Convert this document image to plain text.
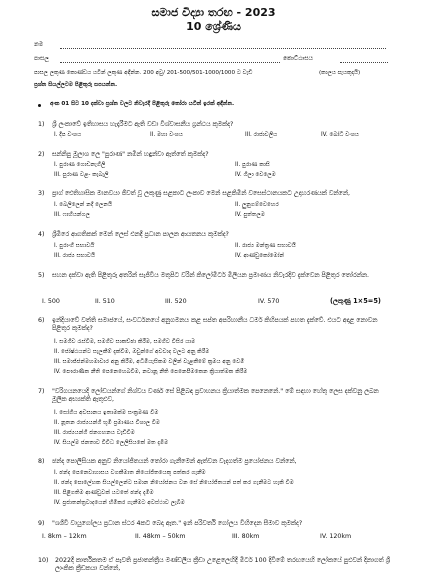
සමාජ විද්‍යා තරඟ - 2023
10 ශ්‍රේණිය
නම
පාසල	කොට්ඨාසය
පාසල ලකුණ කොණ්ඩය යටින් ලකුණ අඳින්න. 200 අවු/ 201-500/501-1000/1000 ට වැඩි	(කාලය පැයකුදායි)
ප්‍රශ්න සියල්ලටම පිළිතුරු සපයන්න.
අංක 01 සිට 10 දක්වා ප්‍රශ්න වලට නිවැරදි පිළිතුරු තෝරා යටින් ඉරක් අඳින්න.
1) ශ්‍රී ලංකාවේ ඉතිහාසය හැදෑරීමට ඇති වඩා විශ්වාසනීය ග්‍රන්ථය කුමක්ද?
I. දීප වංශය	II. මහා වංශය	III. රාජාවලිය	IV. බෝධි වංශය
2) සන්නිපු මූලාශ ලෙ "පුරාණ" නමින් හඳුන්වා ඇත්තේ කුමක්ද?
I. පුරාණ ගොඩනැගිලි	II. පුරාණ කාසි
III. පුරාණ වළ- කැබැලි	IV. ගිලා වෙලෙම
3) ප්‍රාග් ඓතිහාසික මානවයා ජීවත් වූ ලකුණු සළකාට ලංකාව මෙන් සළකිමින් වසෙස්ථානයකට උදාහරණයක් වන්නේ,
I. බෙලිලෙන් නදි ලෙනයි	II. ලුනුගම්වෙහෙර
III. ෆාහියන්ගල	IV. පුත්තලම
4) ශ්‍රීමිරෙ ආගතිකක් මෙන් ලෙස් එනදී ප්‍රධාන පාලන ආයතනය කුමක්ද?
I. පුරාංගී සභාවයි	II. රාජ්‍ය මන්ත්‍රණ සභාවයි
III. රාජ්‍ය සභාවයි	IV. ආණ්ඩුකෝමෝන්
5) සහන දක්වා ඇති පිළිතුරු අතරින් සැජිවිය මතුපිට වරින් කිලෝමීටර් මිලියන ප්‍රමාණය නිවැරදිව දැක්වෙන පිළිතුර තෝරන්න.
I. 500	II. 510	III. 520	IV. 570	(ලකුණු 1×5=5)
6) ඉන්දියාවේ වත්ති සමාජයේ, සංවර්ධනයේ අනුගමනය කළ සප්ත අපරිහානීය ධර්ම කිහිපයක් පහත දැක්වේ. එයට අදාළ නොවන පිළිතුර කුමක්ද?
I. සමගිව රැස්වීම, සමගිව සාකච්ඡා කිරීම, සමගිව විසිර යාම
II. ජෝෂ්ඨයන්ට සැලකීම් දැක්වීම, ඔවුන්ගේ අවවාද වලට අනු කිරීම
III. සමාජ්ජන්මහමාවාර අනු කිරීම, අධිමියැසිකම වලින් වැළකීමේ ක්‍රමය අනු වෙමි
IV. පෞරාණික නීති පෙනෙහෙබවීම, නවානූ නීති පෙනෙපීමකෙන ක්‍රියාත්මක කිරීම
7) "වරිගයනයෙදි ලෝඩයන්ගේ නිශ්වය වර්ණ සේ පිළිබඳ ප්‍රවාහනය ක්‍රියාත්මක පෙනෙනේ." මේ සඳහා හේතු ලෙස දක්වනු ලබන මූලික අභ්‍යක්ති ඇතුළුව,
I. සෝගිය අවසානය ඉතාමක්ම සංක්‍රමණ වීම
II. නූතන රාජ්‍යයන්ගී භූමි ප්‍රමාණය විශාල වීම
III. රාජ්‍යයන්ගී ජනගහනය වැඩිවීම
IV. සියල්ම ජනතාව විවිධ ලෙලිසියකේ මත දැමීම
8) ඡන්ද පොලිසියක අනුව නියෝජිතයන් තෝරා ගැනීමෙන් ඇත්වන වැදගත්ම ප්‍රයෝජනය වන්නේ,
I. ඡන්ද පෙනෙවාහාසය වගකීමාත නියෝජිතයෙකු පත්කර ගැනීම
II. ඡන්ද පොලේහක සියල්ලෙන්ට සමාන නියෝජනය වන සේ නියෝජිතයන් පත් කර ගැනීමට හැකි වීම
III. පිළිගතිම ආණ්ඩුවක් යටතේ ඡන්ද දැමිම
IV. ප්‍රජාතන්ත්‍රවාදයෙන් හිමිකර ගැනීමට අවස්ථාව ලැබීම
9) "ශශීවී වායුගෝලය ප්‍රධාන ස්ථර 4කට බෙදා ඇත." ඉන් පරිවර්ති ගෝලය විහිදෙන සීමාව කුමක්ද?
I. 8km – 12km	II. 48km – 50km	III. 80km	IV. 120km
10) 2022දී කාර්තිකතම ඒ පැවති ප්‍රජාතන්ත්‍රීය මණ්ඩලීය ක්‍රීඩා උළෙලෙහිදී මීටර් 100 දිවීමේ තරඟයෙහි ලෝකයේ පුළුවන් දිනාගත් ශ්‍රී ලාංකික ක්‍රීඩකයා වන්නේ,
